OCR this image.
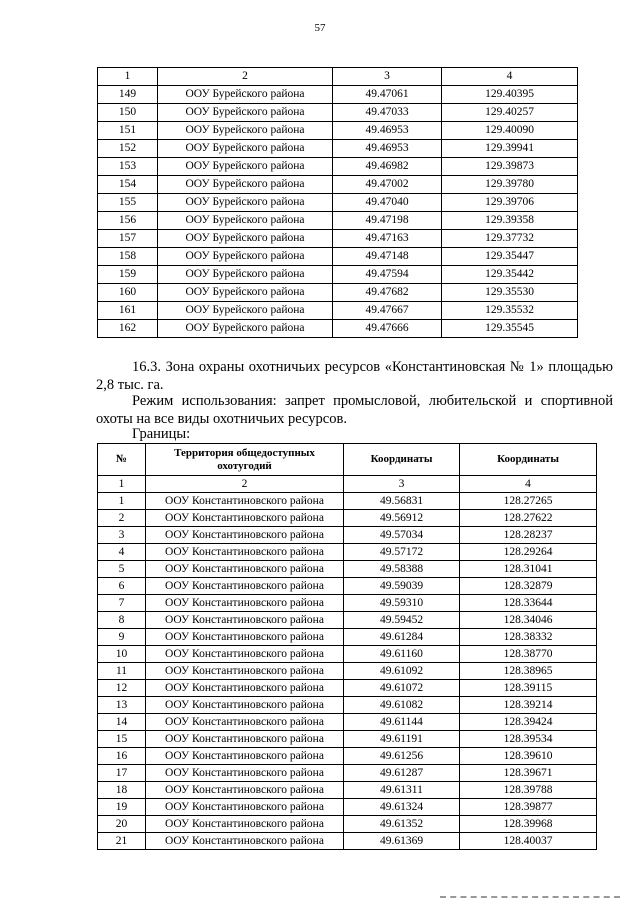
57
1	2	3	4
149	ООУ Бурейского района	49.47061	129.40395
150	ООУ Бурейского района	49.47033	129.40257
151	ООУ Бурейского района	49.46953	129.40090
152	ООУ Бурейского района	49.46953	129.39941
153	ООУ Бурейского района	49.46982	129.39873
154	ООУ Бурейского района	49.47002	129.39780
155	ООУ Бурейского района	49.47040	129.39706
156	ООУ Бурейского района	49.47198	129.39358
157	ООУ Бурейского района	49.47163	129.37732
158	ООУ Бурейского района	49.47148	129.35447
159	ООУ Бурейского района	49.47594	129.35442
160	ООУ Бурейского района	49.47682	129.35530
161	ООУ Бурейского района	49.47667	129.35532
162	ООУ Бурейского района	49.47666	129.35545

16.3. Зона охраны охотничьих ресурсов «Константиновская № 1» площадью 2,8 тыс. га.

Режим использования: запрет промысловой, любительской и спортивной охоты на все виды охотничьих ресурсов.

Границы:

№	Территория общедоступных охотугодий	Координаты	Координаты
1	2	3	4
1	ООУ Константиновского района	49.56831	128.27265
2	ООУ Константиновского района	49.56912	128.27622
3	ООУ Константиновского района	49.57034	128.28237
4	ООУ Константиновского района	49.57172	128.29264
5	ООУ Константиновского района	49.58388	128.31041
6	ООУ Константиновского района	49.59039	128.32879
7	ООУ Константиновского района	49.59310	128.33644
8	ООУ Константиновского района	49.59452	128.34046
9	ООУ Константиновского района	49.61284	128.38332
10	ООУ Константиновского района	49.61160	128.38770
11	ООУ Константиновского района	49.61092	128.38965
12	ООУ Константиновского района	49.61072	128.39115
13	ООУ Константиновского района	49.61082	128.39214
14	ООУ Константиновского района	49.61144	128.39424
15	ООУ Константиновского района	49.61191	128.39534
16	ООУ Константиновского района	49.61256	128.39610
17	ООУ Константиновского района	49.61287	128.39671
18	ООУ Константиновского района	49.61311	128.39788
19	ООУ Константиновского района	49.61324	128.39877
20	ООУ Константиновского района	49.61352	128.39968
21	ООУ Константиновского района	49.61369	128.40037
